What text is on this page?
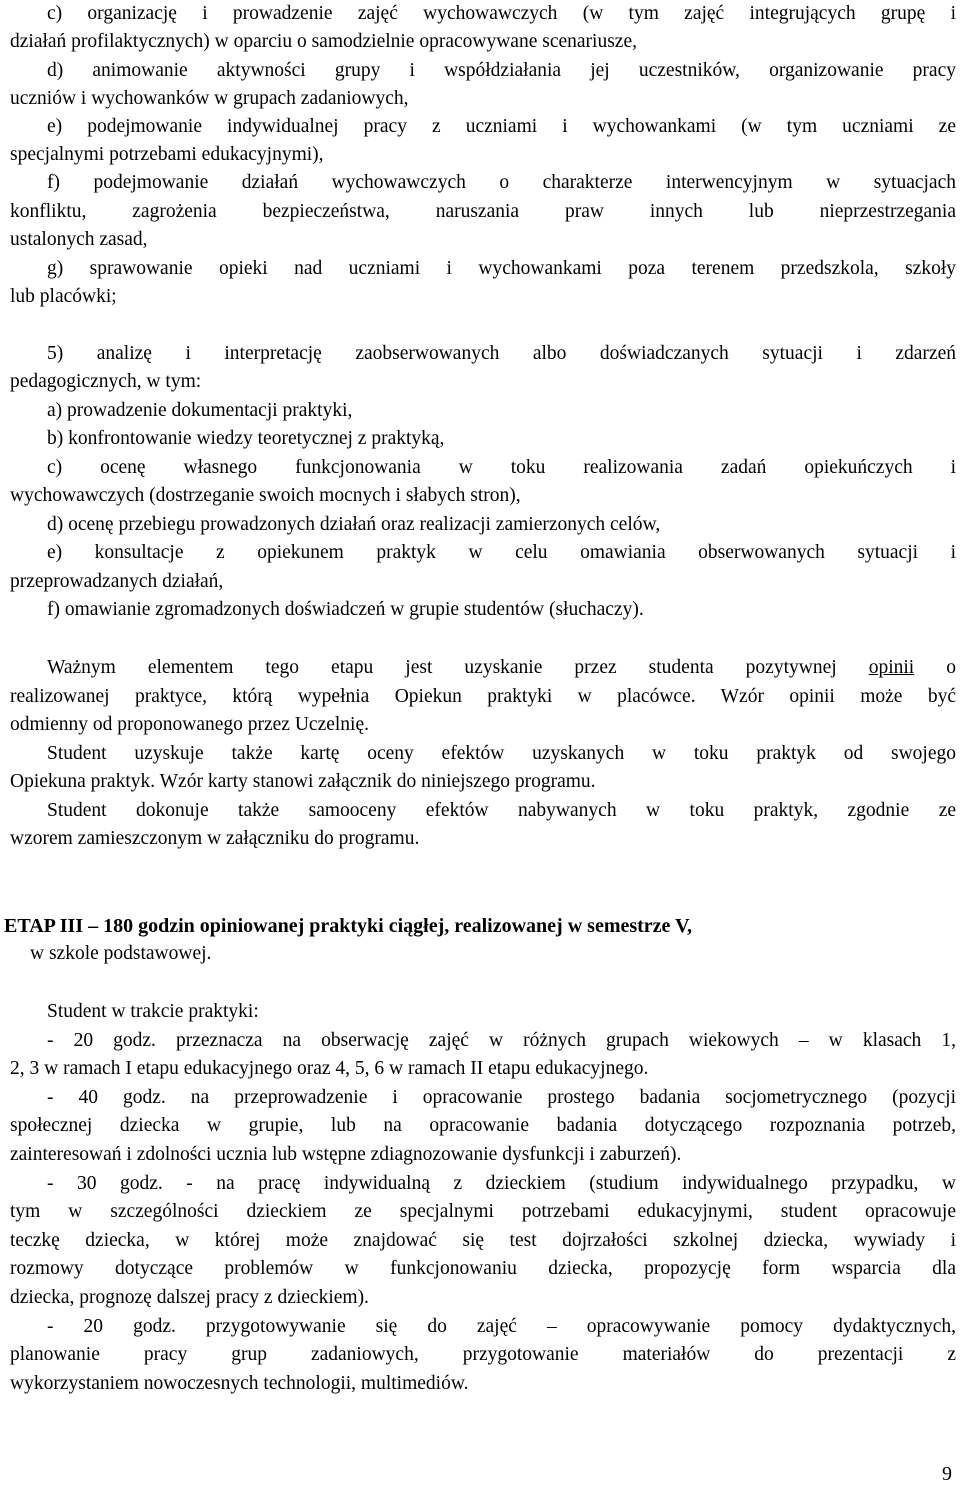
c) organizację i prowadzenie zajęć wychowawczych (w tym zajęć integrujących grupę i
działań profilaktycznych) w oparciu o samodzielnie opracowywane scenariusze,
d) animowanie aktywności grupy i współdziałania jej uczestników, organizowanie pracy
uczniów i wychowanków w grupach zadaniowych,
e) podejmowanie indywidualnej pracy z uczniami i wychowankami (w tym uczniami ze
specjalnymi potrzebami edukacyjnymi),
f) podejmowanie działań wychowawczych o charakterze interwencyjnym w sytuacjach
konfliktu, zagrożenia bezpieczeństwa, naruszania praw innych lub nieprzestrzegania
ustalonych zasad,
g) sprawowanie opieki nad uczniami i wychowankami poza terenem przedszkola, szkoły
lub placówki;
5) analizę i interpretację zaobserwowanych albo doświadczanych sytuacji i zdarzeń
pedagogicznych, w tym:
a) prowadzenie dokumentacji praktyki,
b) konfrontowanie wiedzy teoretycznej z praktyką,
c) ocenę własnego funkcjonowania w toku realizowania zadań opiekuńczych i
wychowawczych (dostrzeganie swoich mocnych i słabych stron),
d) ocenę przebiegu prowadzonych działań oraz realizacji zamierzonych celów,
e) konsultacje z opiekunem praktyk w celu omawiania obserwowanych sytuacji i
przeprowadzanych działań,
f) omawianie zgromadzonych doświadczeń w grupie studentów (słuchaczy).
Ważnym elementem tego etapu jest uzyskanie przez studenta pozytywnej opinii o
realizowanej praktyce, którą wypełnia Opiekun praktyki w placówce. Wzór opinii może być
odmienny od proponowanego przez Uczelnię.
Student uzyskuje także kartę oceny efektów uzyskanych w toku praktyk od swojego
Opiekuna praktyk. Wzór karty stanowi załącznik do niniejszego programu.
Student dokonuje także samooceny efektów nabywanych w toku praktyk, zgodnie ze
wzorem zamieszczonym w załączniku do programu.
ETAP III – 180 godzin opiniowanej praktyki ciągłej, realizowanej w semestrze V,
w szkole podstawowej.
Student w trakcie praktyki:
- 20 godz. przeznacza na obserwację zajęć w różnych grupach wiekowych – w klasach 1,
2, 3 w ramach I etapu edukacyjnego oraz 4, 5, 6 w ramach II etapu edukacyjnego.
- 40 godz. na przeprowadzenie i opracowanie prostego badania socjometrycznego (pozycji
społecznej dziecka w grupie, lub na opracowanie badania dotyczącego rozpoznania potrzeb,
zainteresowań i zdolności ucznia lub wstępne zdiagnozowanie dysfunkcji i zaburzeń).
- 30 godz. - na pracę indywidualną z dzieckiem (studium indywidualnego przypadku, w
tym w szczególności dzieckiem ze specjalnymi potrzebami edukacyjnymi, student opracowuje
teczkę dziecka, w której może znajdować się test dojrzałości szkolnej dziecka, wywiady i
rozmowy dotyczące problemów w funkcjonowaniu dziecka, propozycję form wsparcia dla
dziecka, prognozę dalszej pracy z dzieckiem).
- 20 godz. przygotowywanie się do zajęć – opracowywanie pomocy dydaktycznych,
planowanie pracy grup zadaniowych, przygotowanie materiałów do prezentacji z
wykorzystaniem nowoczesnych technologii, multimediów.
9
